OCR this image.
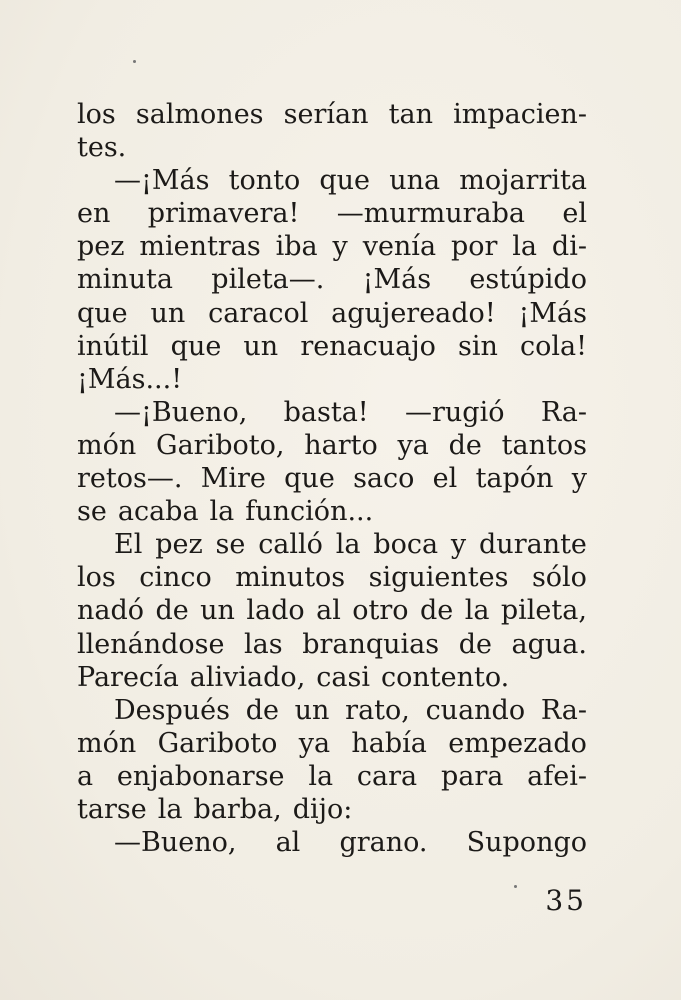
los salmones serían tan impacien-
tes.
—¡Más tonto que una mojarrita
en primavera! —murmuraba el
pez mientras iba y venía por la di-
minuta pileta—. ¡Más estúpido
que un caracol agujereado! ¡Más
inútil que un renacuajo sin cola!
¡Más...!
—¡Bueno, basta! —rugió Ra-
món Gariboto, harto ya de tantos
retos—. Mire que saco el tapón y
se acaba la función...
El pez se calló la boca y durante
los cinco minutos siguientes sólo
nadó de un lado al otro de la pileta,
llenándose las branquias de agua.
Parecía aliviado, casi contento.
Después de un rato, cuando Ra-
món Gariboto ya había empezado
a enjabonarse la cara para afei-
tarse la barba, dijo:
—Bueno, al grano. Supongo
35
